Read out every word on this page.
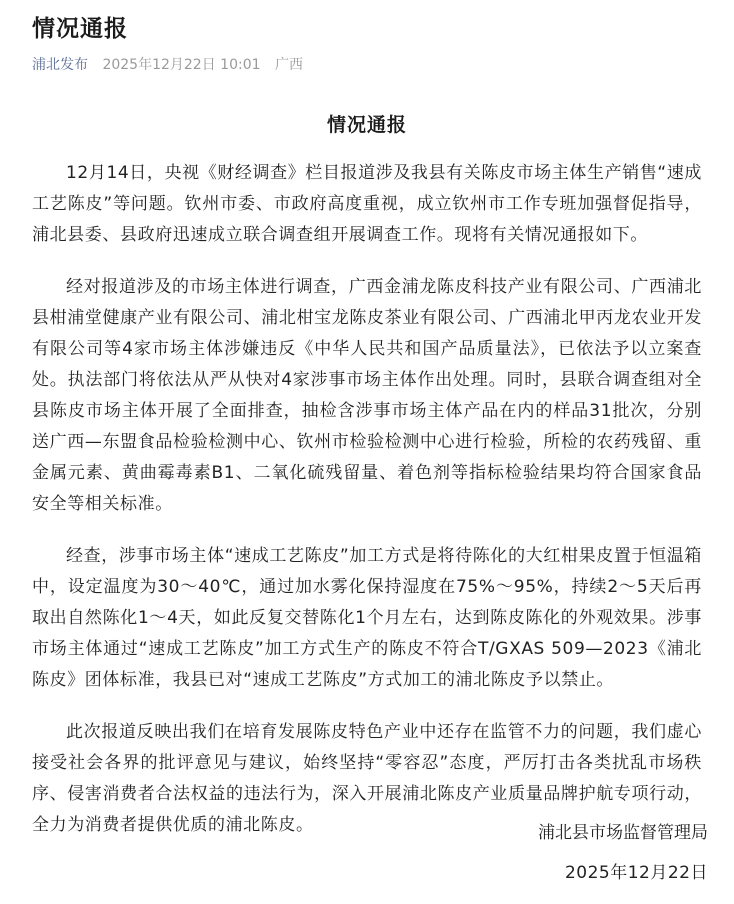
情况通报
浦北发布 2025年12月22日 10:01 广西
情况通报

12月14日，央视《财经调查》栏目报道涉及我县有关陈皮市场主体生产销售“速成工艺陈皮”等问题。钦州市委、市政府高度重视，成立钦州市工作专班加强督促指导，浦北县委、县政府迅速成立联合调查组开展调查工作。现将有关情况通报如下。

经对报道涉及的市场主体进行调查，广西金浦龙陈皮科技产业有限公司、广西浦北县柑浦堂健康产业有限公司、浦北柑宝龙陈皮茶业有限公司、广西浦北甲丙龙农业开发有限公司等4家市场主体涉嫌违反《中华人民共和国产品质量法》，已依法予以立案查处。执法部门将依法从严从快对4家涉事市场主体作出处理。同时，县联合调查组对全县陈皮市场主体开展了全面排查，抽检含涉事市场主体产品在内的样品31批次，分别送广西—东盟食品检验检测中心、钦州市检验检测中心进行检验，所检的农药残留、重金属元素、黄曲霉毒素B1、二氧化硫残留量、着色剂等指标检验结果均符合国家食品安全等相关标准。

经查，涉事市场主体“速成工艺陈皮”加工方式是将待陈化的大红柑果皮置于恒温箱中，设定温度为30～40℃，通过加水雾化保持湿度在75%～95%，持续2～5天后再取出自然陈化1～4天，如此反复交替陈化1个月左右，达到陈皮陈化的外观效果。涉事市场主体通过“速成工艺陈皮”加工方式生产的陈皮不符合T/GXAS 509—2023《浦北陈皮》团体标准，我县已对“速成工艺陈皮”方式加工的浦北陈皮予以禁止。

此次报道反映出我们在培育发展陈皮特色产业中还存在监管不力的问题，我们虚心接受社会各界的批评意见与建议，始终坚持“零容忍”态度，严厉打击各类扰乱市场秩序、侵害消费者合法权益的违法行为，深入开展浦北陈皮产业质量品牌护航专项行动，全力为消费者提供优质的浦北陈皮。	浦北县市场监督管理局
2025年12月22日
